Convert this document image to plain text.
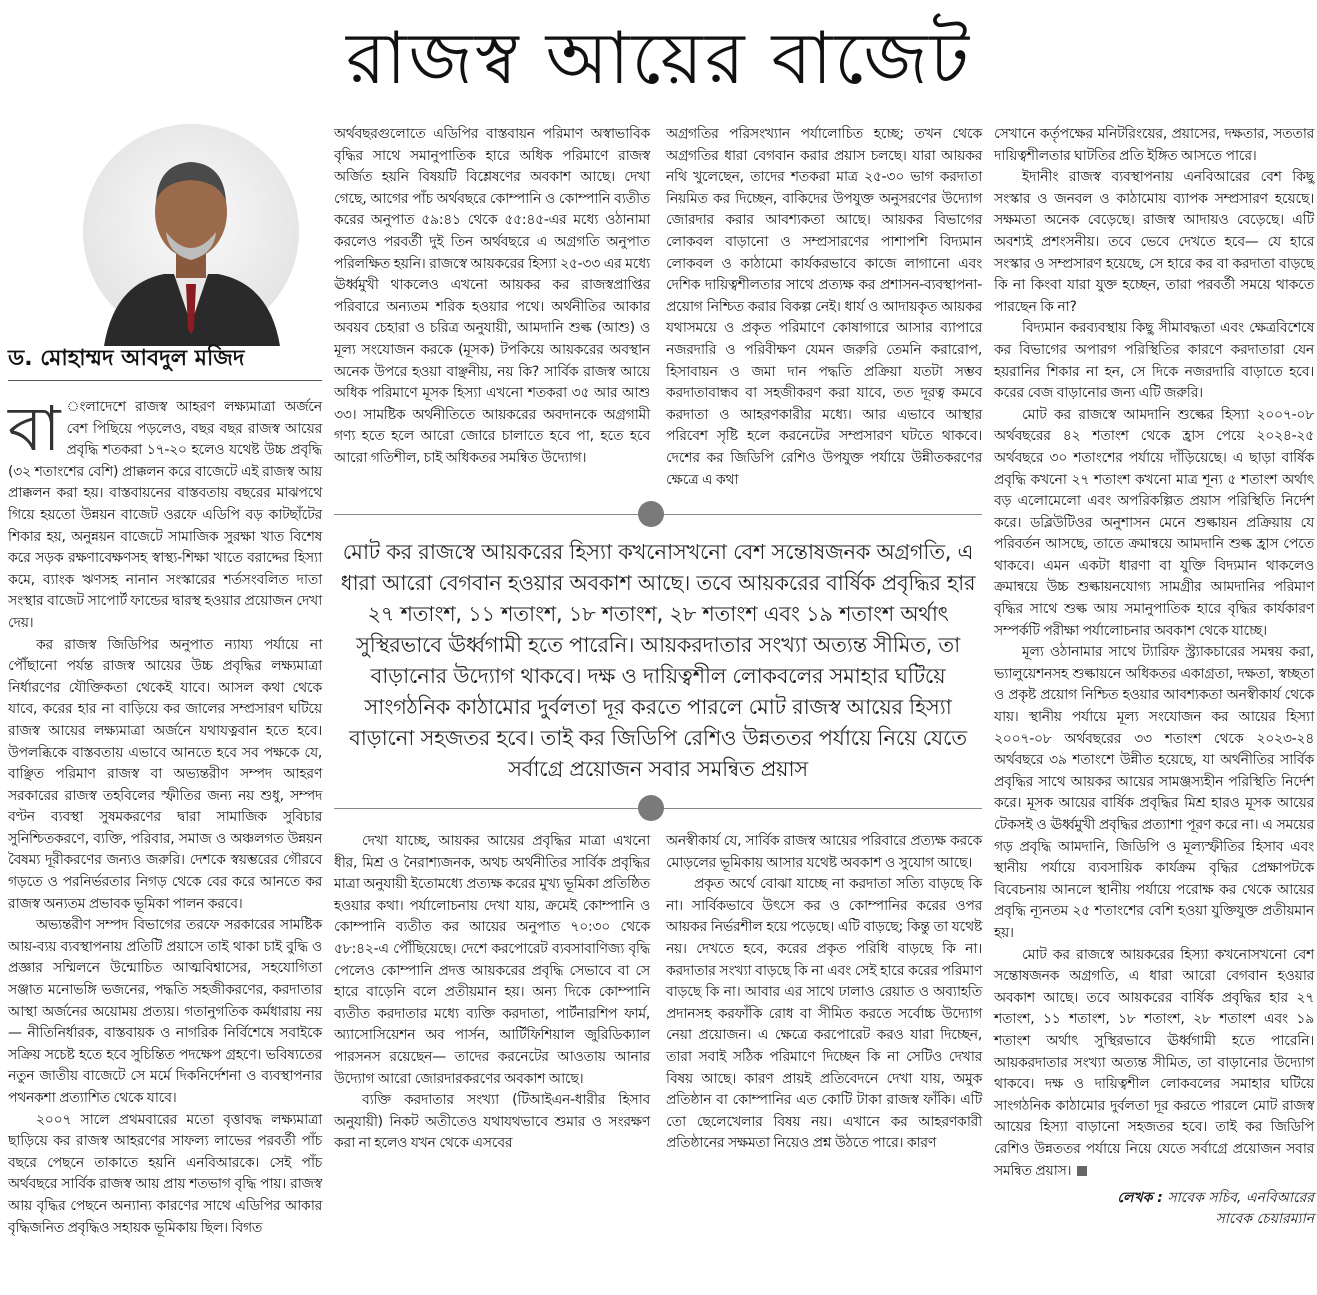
রাজস্ব আয়ের বাজেট
ড. মোহাম্মদ আবদুল মজিদ

বা ংলাদেশে রাজস্ব আহরণ লক্ষ্যমাত্রা অর্জনে বেশ পিছিয়ে পড়লেও, বছর বছর রাজস্ব আয়ের প্রবৃদ্ধি শতকরা ১৭-২০ হলেও যথেষ্ট উচ্চ প্রবৃদ্ধি (৩২ শতাংশের বেশি) প্রাক্কলন করে বাজেটে এই রাজস্ব আয় প্রাক্কলন করা হয়। বাস্তবায়নের বাস্তবতায় বছরের মাঝপথে গিয়ে হয়তো উন্নয়ন বাজেট ওরফে এডিপি বড় কাটছাঁটের শিকার হয়, অনুন্নয়ন বাজেটে সামাজিক সুরক্ষা খাত বিশেষ করে সড়ক রক্ষণাবেক্ষণসহ স্বাস্থ্য-শিক্ষা খাতে বরাদ্দের হিস্যা কমে, ব্যাংক ঋণসহ নানান সংস্কারের শর্তসংবলিত দাতা সংস্থার বাজেট সাপোর্ট ফান্ডের দ্বারস্থ হওয়ার প্রয়োজন দেখা দেয়।

কর রাজস্ব জিডিপির অনুপাত ন্যায্য পর্যায়ে না পৌঁছানো পর্যন্ত রাজস্ব আয়ের উচ্চ প্রবৃদ্ধির লক্ষ্যমাত্রা নির্ধারণের যৌক্তিকতা থেকেই যাবে। আসল কথা থেকে যাবে, করের হার না বাড়িয়ে কর জালের সম্প্রসারণ ঘটিয়ে রাজস্ব আয়ের লক্ষ্যমাত্রা অর্জনে যথাযত্নবান হতে হবে। উপলব্ধিকে বাস্তবতায় এভাবে আনতে হবে সব পক্ষকে যে, বাঞ্ছিত পরিমাণ রাজস্ব বা অভ্যন্তরীণ সম্পদ আহরণ সরকারের রাজস্ব তহবিলের স্ফীতির জন্য নয় শুধু, সম্পদ বণ্টন ব্যবস্থা সুষমকরণের দ্বারা সামাজিক সুবিচার সুনিশ্চিতকরণে, ব্যক্তি, পরিবার, সমাজ ও অঞ্চলগত উন্নয়ন বৈষম্য দূরীকরণের জন্যও জরুরি। দেশকে স্বয়ম্ভরের গৌরবে গড়তে ও পরনির্ভরতার নিগড় থেকে বের করে আনতে কর রাজস্ব অন্যতম প্রভাবক ভূমিকা পালন করবে।

অভ্যন্তরীণ সম্পদ বিভাগের তরফে সরকারের সামষ্টিক আয়-ব্যয় ব্যবস্থাপনায় প্রতিটি প্রয়াসে তাই থাকা চাই বুদ্ধি ও প্রজ্ঞার সম্মিলনে উন্মোচিত আত্মবিশ্বাসের, সহযোগিতা সঞ্জাত মনোভঙ্গি ভজনের, পদ্ধতি সহজীকরণের, করদাতার আস্থা অর্জনের অয়োময় প্রত্যয়। গতানুগতিক কর্মধারায় নয়— নীতিনির্ধারক, বাস্তবায়ক ও নাগরিক নির্বিশেষে সবাইকে সক্রিয় সচেষ্ট হতে হবে সুচিন্তিত পদক্ষেপ গ্রহণে। ভবিষ্যতের নতুন জাতীয় বাজেটে সে মর্মে দিকনির্দেশনা ও ব্যবস্থাপনার পথনকশা প্রত্যাশিত থেকে যাবে।

২০০৭ সালে প্রথমবারের মতো বৃত্তাবদ্ধ লক্ষ্যমাত্রা ছাড়িয়ে কর রাজস্ব আহরণের সাফল্য লাভের পরবর্তী পাঁচ বছরে পেছনে তাকাতে হয়নি এনবিআরকে। সেই পাঁচ অর্থবছরে সার্বিক রাজস্ব আয় প্রায় শতভাগ বৃদ্ধি পায়। রাজস্ব আয় বৃদ্ধির পেছনে অন্যান্য কারণের সাথে এডিপির আকার বৃদ্ধিজনিত প্রবৃদ্ধিও সহায়ক ভূমিকায় ছিল। বিগত

অর্থবছরগুলোতে এডিপির বাস্তবায়ন পরিমাণ অস্বাভাবিক বৃদ্ধির সাথে সমানুপাতিক হারে অধিক পরিমাণে রাজস্ব অর্জিত হয়নি বিষয়টি বিশ্লেষণের অবকাশ আছে। দেখা গেছে, আগের পাঁচ অর্থবছরে কোম্পানি ও কোম্পানি ব্যতীত করের অনুপাত ৫৯:৪১ থেকে ৫৫:৪৫-এর মধ্যে ওঠানামা করলেও পরবর্তী দুই তিন অর্থবছরে এ অগ্রগতি অনুপাত পরিলক্ষিত হয়নি। রাজস্বে আয়করের হিস্যা ২৫-৩৩ এর মধ্যে ঊর্ধ্বমুখী থাকলেও এখনো আয়কর কর রাজস্বপ্রাপ্তির পরিবারে অন্যতম শরিক হওয়ার পথে। অর্থনীতির আকার অবয়ব চেহারা ও চরিত্র অনুযায়ী, আমদানি শুল্ক (আশু) ও মূল্য সংযোজন করকে (মূসক) টপকিয়ে আয়করের অবস্থান অনেক উপরে হওয়া বাঞ্ছনীয়, নয় কি? সার্বিক রাজস্ব আয়ে অধিক পরিমাণে মূসক হিস্যা এখনো শতকরা ৩৫ আর আশু ৩৩। সামষ্টিক অর্থনীতিতে আয়করের অবদানকে অগ্রগামী গণ্য হতে হলে আরো জোরে চালাতে হবে পা, হতে হবে আরো গতিশীল, চাই অধিকতর সমন্বিত উদ্যোগ।

অগ্রগতির পরিসংখ্যান পর্যালোচিত হচ্ছে; তখন থেকে অগ্রগতির ধারা বেগবান করার প্রয়াস চলছে। যারা আয়কর নথি খুলেছেন, তাদের শতকরা মাত্র ২৫-৩০ ভাগ করদাতা নিয়মিত কর দিচ্ছেন, বাকিদের উপযুক্ত অনুসরণের উদ্যোগ জোরদার করার আবশ্যকতা আছে। আয়কর বিভাগের লোকবল বাড়ানো ও সম্প্রসারণের পাশাপশি বিদ্যমান লোকবল ও কাঠামো কার্যকরভাবে কাজে লাগানো এবং দেশিক দায়িত্বশীলতার সাথে প্রত্যক্ষ কর প্রশাসন-ব্যবস্থাপনা-প্রয়োগ নিশ্চিত করার বিকল্প নেই। ধার্য ও আদায়কৃত আয়কর যথাসময়ে ও প্রকৃত পরিমাণে কোষাগারে আসার ব্যাপারে নজরদারি ও পরিবীক্ষণ যেমন জরুরি তেমনি করারোপ, হিসাবায়ন ও জমা দান পদ্ধতি প্রক্রিয়া যতটা সম্ভব করদাতাবান্ধব বা সহজীকরণ করা যাবে, তত দূরত্ব কমবে করদাতা ও আহরণকারীর মধ্যে। আর এভাবে আস্থার পরিবেশ সৃষ্টি হলে করনেটের সম্প্রসারণ ঘটতে থাকবে। দেশের কর জিডিপি রেশিও উপযুক্ত পর্যায়ে উন্নীতকরণের ক্ষেত্রে এ কথা

মোট কর রাজস্বে আয়করের হিস্যা কখনোসখনো বেশ সন্তোষজনক অগ্রগতি, এ ধারা আরো বেগবান হওয়ার অবকাশ আছে। তবে আয়করের বার্ষিক প্রবৃদ্ধির হার ২৭ শতাংশ, ১১ শতাংশ, ১৮ শতাংশ, ২৮ শতাংশ এবং ১৯ শতাংশ অর্থাৎ সুস্থিরভাবে ঊর্ধ্বগামী হতে পারেনি। আয়করদাতার সংখ্যা অত্যন্ত সীমিত, তা বাড়ানোর উদ্যোগ থাকবে। দক্ষ ও দায়িত্বশীল লোকবলের সমাহার ঘটিয়ে সাংগঠনিক কাঠামোর দুর্বলতা দূর করতে পারলে মোট রাজস্ব আয়ের হিস্যা বাড়ানো সহজতর হবে। তাই কর জিডিপি রেশিও উন্নততর পর্যায়ে নিয়ে যেতে সর্বাগ্রে প্রয়োজন সবার সমন্বিত প্রয়াস

দেখা যাচ্ছে, আয়কর আয়ের প্রবৃদ্ধির মাত্রা এখনো ধীর, মিশ্র ও নৈরাশ্যজনক, অথচ অর্থনীতির সার্বিক প্রবৃদ্ধির মাত্রা অনুযায়ী ইতোমধ্যে প্রত্যক্ষ করের মুখ্য ভূমিকা প্রতিষ্ঠিত হওয়ার কথা। পর্যালোচনায় দেখা যায়, ক্রমেই কোম্পানি ও কোম্পানি ব্যতীত কর আয়ের অনুপাত ৭০:৩০ থেকে ৫৮:৪২-এ পৌঁছিয়েছে। দেশে করপোরেট ব্যবসাবাণিজ্য বৃদ্ধি পেলেও কোম্পানি প্রদত্ত আয়করের প্রবৃদ্ধি সেভাবে বা সে হারে বাড়েনি বলে প্রতীয়মান হয়। অন্য দিকে কোম্পানি ব্যতীত করদাতার মধ্যে ব্যক্তি করদাতা, পার্টনারশিপ ফার্ম, অ্যাসোসিয়েশন অব পার্সন, আর্টিফিশিয়াল জুরিডিক্যাল পারসনস রয়েছেন— তাদের করনেটের আওতায় আনার উদ্যোগ আরো জোরদারকরণের অবকাশ আছে।

ব্যক্তি করদাতার সংখ্যা (টিআইএন-ধারীর হিসাব অনুযায়ী) নিকট অতীতেও যথাযথভাবে শুমার ও সংরক্ষণ করা না হলেও যখন থেকে এসবের

অনস্বীকার্য যে, সার্বিক রাজস্ব আয়ের পরিবারে প্রত্যক্ষ করকে মোড়লের ভূমিকায় আসার যথেষ্ট অবকাশ ও সুযোগ আছে।

প্রকৃত অর্থে বোঝা যাচ্ছে না করদাতা সত্যি বাড়ছে কি না। সার্বিকভাবে উৎসে কর ও কোম্পানির করের ওপর আয়কর নির্ভরশীল হয়ে পড়েছে। এটি বাড়ছে; কিন্তু তা যথেষ্ট নয়। দেখতে হবে, করের প্রকৃত পরিধি বাড়ছে কি না। করদাতার সংখ্যা বাড়ছে কি না এবং সেই হারে করের পরিমাণ বাড়ছে কি না। আবার এর সাথে ঢালাও রেয়াত ও অব্যাহতি প্রদানসহ করফাঁকি রোধ বা সীমিত করতে সর্বোচ্চ উদ্যোগ নেয়া প্রয়োজন। এ ক্ষেত্রে করপোরেট করও যারা দিচ্ছেন, তারা সবাই সঠিক পরিমাণে দিচ্ছেন কি না সেটিও দেখার বিষয় আছে। কারণ প্রায়ই প্রতিবেদনে দেখা যায়, অমুক প্রতিষ্ঠান বা কোম্পানির এত কোটি টাকা রাজস্ব ফাঁকি। এটি তো ছেলেখেলার বিষয় নয়। এখানে কর আহরণকারী প্রতিষ্ঠানের সক্ষমতা নিয়েও প্রশ্ন উঠতে পারে। কারণ

সেখানে কর্তৃপক্ষের মনিটরিংয়ের, প্রয়াসের, দক্ষতার, সততার দায়িত্বশীলতার ঘাটতির প্রতি ইঙ্গিত আসতে পারে।

ইদানীং রাজস্ব ব্যবস্থাপনায় এনবিআরের বেশ কিছু সংস্কার ও জনবল ও কাঠামোয় ব্যাপক সম্প্রসারণ হয়েছে। সক্ষমতা অনেক বেড়েছে। রাজস্ব আদায়ও বেড়েছে। এটি অবশ্যই প্রশংসনীয়। তবে ভেবে দেখতে হবে— যে হারে সংস্কার ও সম্প্রসারণ হয়েছে, সে হারে কর বা করদাতা বাড়ছে কি না কিংবা যারা যুক্ত হচ্ছেন, তারা পরবর্তী সময়ে থাকতে পারছেন কি না?

বিদ্যমান করব্যবস্থায় কিছু সীমাবদ্ধতা এবং ক্ষেত্রবিশেষে কর বিভাগের অপারগ পরিস্থিতির কারণে করদাতারা যেন হয়রানির শিকার না হন, সে দিকে নজরদারি বাড়াতে হবে। করের বেজ বাড়ানোর জন্য এটি জরুরি।

মোট কর রাজস্বে আমদানি শুল্কের হিস্যা ২০০৭-০৮ অর্থবছরের ৪২ শতাংশ থেকে হ্রাস পেয়ে ২০২৪-২৫ অর্থবছরে ৩০ শতাংশের পর্যায়ে দাঁড়িয়েছে। এ ছাড়া বার্ষিক প্রবৃদ্ধি কখনো ২৭ শতাংশ কখনো মাত্র শূন্য ৫ শতাংশ অর্থাৎ বড় এলোমেলো এবং অপরিকল্পিত প্রয়াস পরিস্থিতি নির্দেশ করে। ডব্লিউটিওর অনুশাসন মেনে শুল্কায়ন প্রক্রিয়ায় যে পরিবর্তন আসছে, তাতে ক্রমান্বয়ে আমদানি শুল্ক হ্রাস পেতে থাকবে। এমন একটা ধারণা বা যুক্তি বিদ্যমান থাকলেও ক্রমান্বয়ে উচ্চ শুল্কায়নযোগ্য সামগ্রীর আমদানির পরিমাণ বৃদ্ধির সাথে শুল্ক আয় সমানুপাতিক হারে বৃদ্ধির কার্যকারণ সম্পর্কটি পরীক্ষা পর্যালোচনার অবকাশ থেকে যাচ্ছে।

মূল্য ওঠানামার সাথে ট্যারিফ স্ট্র্যাকচারের সমন্বয় করা, ভ্যালুয়েশনসহ শুল্কায়নে অধিকতর একাগ্রতা, দক্ষতা, স্বচ্ছতা ও প্রকৃষ্ট প্রয়োগ নিশ্চিত হওয়ার আবশ্যকতা অনস্বীকার্য থেকে যায়। স্থানীয় পর্যায়ে মূল্য সংযোজন কর আয়ের হিস্যা ২০০৭-০৮ অর্থবছরের ৩৩ শতাংশ থেকে ২০২৩-২৪ অর্থবছরে ৩৯ শতাংশে উন্নীত হয়েছে, যা অর্থনীতির সার্বিক প্রবৃদ্ধির সাথে আয়কর আয়ের সামঞ্জস্যহীন পরিস্থিতি নির্দেশ করে। মূসক আয়ের বার্ষিক প্রবৃদ্ধির মিশ্র হারও মূসক আয়ের টেকসই ও ঊর্ধ্বমুখী প্রবৃদ্ধির প্রত্যাশা পূরণ করে না। এ সময়ের গড় প্রবৃদ্ধি আমদানি, জিডিপি ও মূল্যস্ফীতির হিসাব এবং স্থানীয় পর্যায়ে ব্যবসায়িক কার্যক্রম বৃদ্ধির প্রেক্ষাপটকে বিবেচনায় আনলে স্থানীয় পর্যায়ে পরোক্ষ কর থেকে আয়ের প্রবৃদ্ধি ন্যূনতম ২৫ শতাংশের বেশি হওয়া যুক্তিযুক্ত প্রতীয়মান হয়।

মোট কর রাজস্বে আয়করের হিস্যা কখনোসখনো বেশ সন্তোষজনক অগ্রগতি, এ ধারা আরো বেগবান হওয়ার অবকাশ আছে। তবে আয়করের বার্ষিক প্রবৃদ্ধির হার ২৭ শতাংশ, ১১ শতাংশ, ১৮ শতাংশ, ২৮ শতাংশ এবং ১৯ শতাংশ অর্থাৎ সুস্থিরভাবে ঊর্ধ্বগামী হতে পারেনি। আয়করদাতার সংখ্যা অত্যন্ত সীমিত, তা বাড়ানোর উদ্যোগ থাকবে। দক্ষ ও দায়িত্বশীল লোকবলের সমাহার ঘটিয়ে সাংগঠনিক কাঠামোর দুর্বলতা দূর করতে পারলে মোট রাজস্ব আয়ের হিস্যা বাড়ানো সহজতর হবে। তাই কর জিডিপি রেশিও উন্নততর পর্যায়ে নিয়ে যেতে সর্বাগ্রে প্রয়োজন সবার সমন্বিত প্রয়াস।

লেখক : সাবেক সচিব, এনবিআরের
সাবেক চেয়ারম্যান
